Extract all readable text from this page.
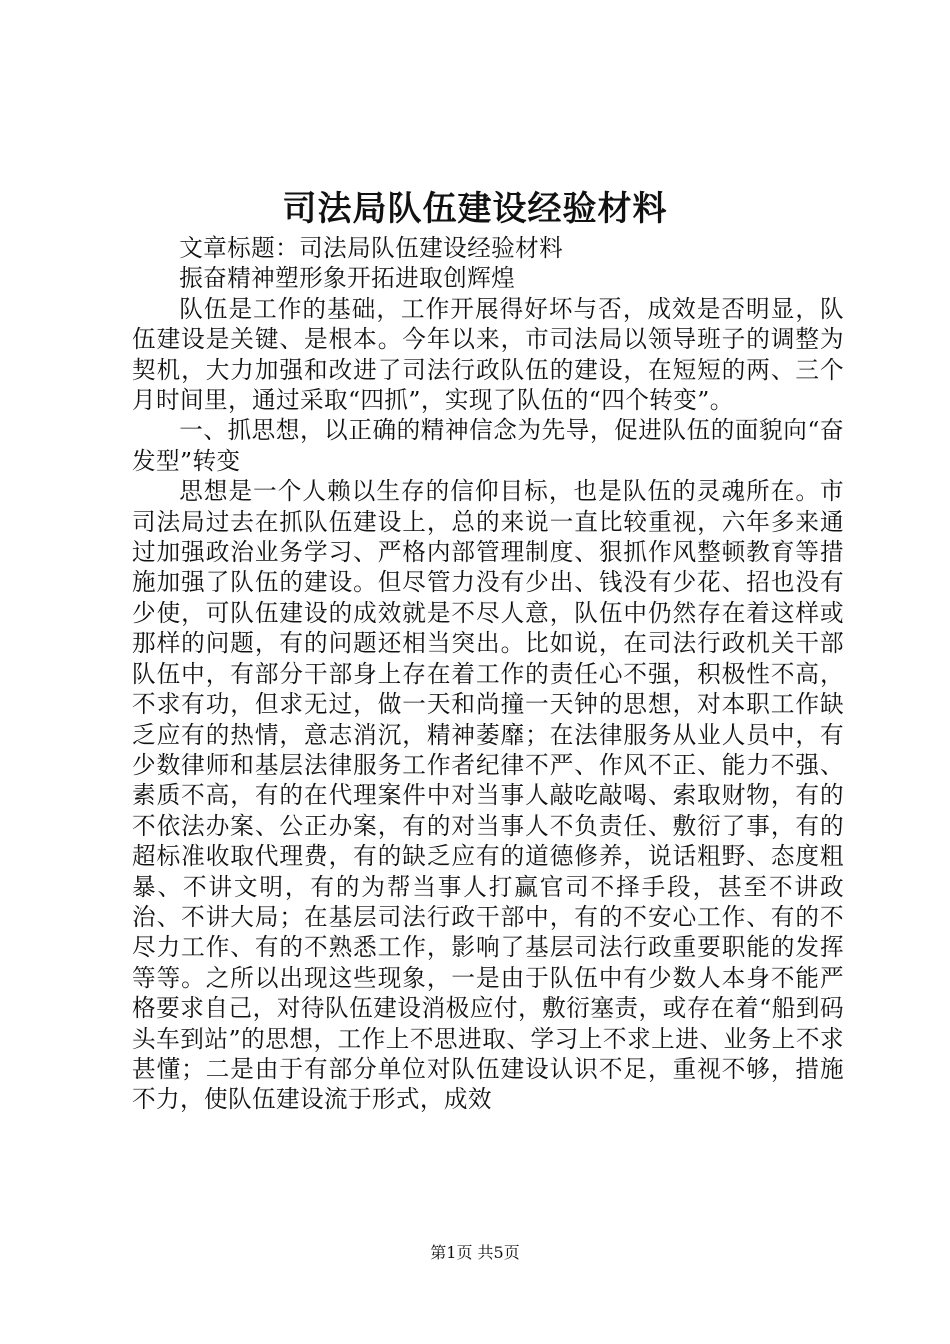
司法局队伍建设经验材料

文章标题：司法局队伍建设经验材料

振奋精神塑形象开拓进取创辉煌

队伍是工作的基础，工作开展得好坏与否，成效是否明显，队伍建设是关键、是根本。今年以来，市司法局以领导班子的调整为契机，大力加强和改进了司法行政队伍的建设，在短短的两、三个月时间里，通过采取“四抓”，实现了队伍的“四个转变”。

一、抓思想，以正确的精神信念为先导，促进队伍的面貌向“奋发型”转变

思想是一个人赖以生存的信仰目标，也是队伍的灵魂所在。市司法局过去在抓队伍建设上，总的来说一直比较重视，六年多来通过加强政治业务学习、严格内部管理制度、狠抓作风整顿教育等措施加强了队伍的建设。但尽管力没有少出、钱没有少花、招也没有少使，可队伍建设的成效就是不尽人意，队伍中仍然存在着这样或那样的问题，有的问题还相当突出。比如说，在司法行政机关干部队伍中，有部分干部身上存在着工作的责任心不强，积极性不高，不求有功，但求无过，做一天和尚撞一天钟的思想，对本职工作缺乏应有的热情，意志消沉，精神萎靡；在法律服务从业人员中，有少数律师和基层法律服务工作者纪律不严、作风不正、能力不强、素质不高，有的在代理案件中对当事人敲吃敲喝、索取财物，有的不依法办案、公正办案，有的对当事人不负责任、敷衍了事，有的超标准收取代理费，有的缺乏应有的道德修养，说话粗野、态度粗暴、不讲文明，有的为帮当事人打赢官司不择手段，甚至不讲政治、不讲大局；在基层司法行政干部中，有的不安心工作、有的不尽力工作、有的不熟悉工作，影响了基层司法行政重要职能的发挥等等。之所以出现这些现象，一是由于队伍中有少数人本身不能严格要求自己，对待队伍建设消极应付，敷衍塞责，或存在着“船到码头车到站”的思想，工作上不思进取、学习上不求上进、业务上不求甚懂；二是由于有部分单位对队伍建设认识不足，重视不够，措施不力，使队伍建设流于形式，成效

第1页 共5页
